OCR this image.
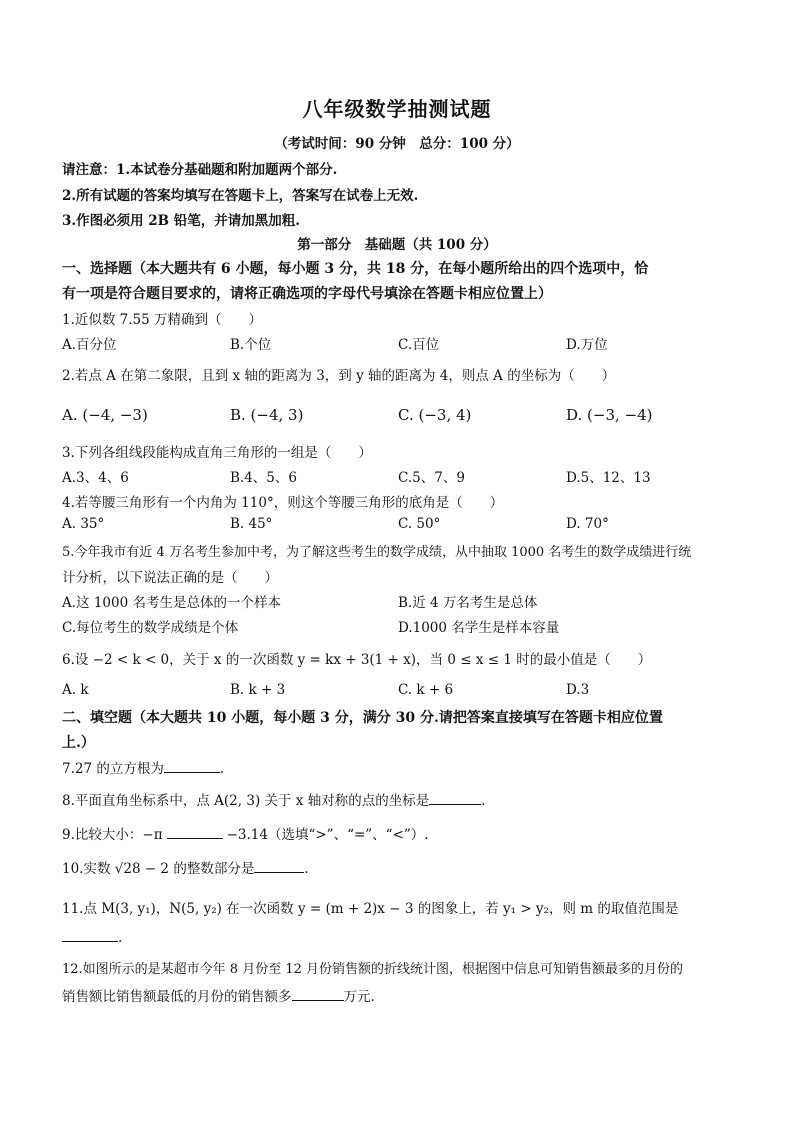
八年级数学抽测试题
（考试时间：90 分钟　总分：100 分）
请注意：1.本试卷分基础题和附加题两个部分.
2.所有试题的答案均填写在答题卡上，答案写在试卷上无效.
3.作图必须用 2B 铅笔，并请加黑加粗.
第一部分　基础题（共 100 分）
一、选择题（本大题共有 6 小题，每小题 3 分，共 18 分，在每小题所给出的四个选项中，恰
有一项是符合题目要求的，请将正确选项的字母代号填涂在答题卡相应位置上）
1.近似数 7.55 万精确到（　　）
A.百分位	B.个位	C.百位	D.万位
2.若点 A 在第二象限，且到 x 轴的距离为 3，到 y 轴的距离为 4，则点 A 的坐标为（　　）
A. (−4, −3)	B. (−4, 3)	C. (−3, 4)	D. (−3, −4)
3.下列各组线段能构成直角三角形的一组是（　　）
A.3、4、6	B.4、5、6	C.5、7、9	D.5、12、13
4.若等腰三角形有一个内角为 110°，则这个等腰三角形的底角是（　　）
A. 35°	B. 45°	C. 50°	D. 70°
5.今年我市有近 4 万名考生参加中考，为了解这些考生的数学成绩，从中抽取 1000 名考生的数学成绩进行统
计分析，以下说法正确的是（　　）
A.这 1000 名考生是总体的一个样本	B.近 4 万名考生是总体
C.每位考生的数学成绩是个体	D.1000 名学生是样本容量
6.设 −2 < k < 0，关于 x 的一次函数 y = kx + 3(1 + x)，当 0 ≤ x ≤ 1 时的最小值是（　　）
A. k	B. k + 3	C. k + 6	D.3
二、填空题（本大题共 10 小题，每小题 3 分，满分 30 分.请把答案直接填写在答题卡相应位置
上.）
7.27 的立方根为	.
8.平面直角坐标系中，点 A(2, 3) 关于 x 轴对称的点的坐标是	.
9.比较大小：−π	−3.14（选填“>”、“=”、“<”）.
10.实数 √28 − 2 的整数部分是	.
11.点 M(3, y₁)，N(5, y₂) 在一次函数 y = (m + 2)x − 3 的图象上，若 y₁ > y₂，则 m 的取值范围是
.
12.如图所示的是某超市今年 8 月份至 12 月份销售额的折线统计图，根据图中信息可知销售额最多的月份的
销售额比销售额最低的月份的销售额多	万元.
